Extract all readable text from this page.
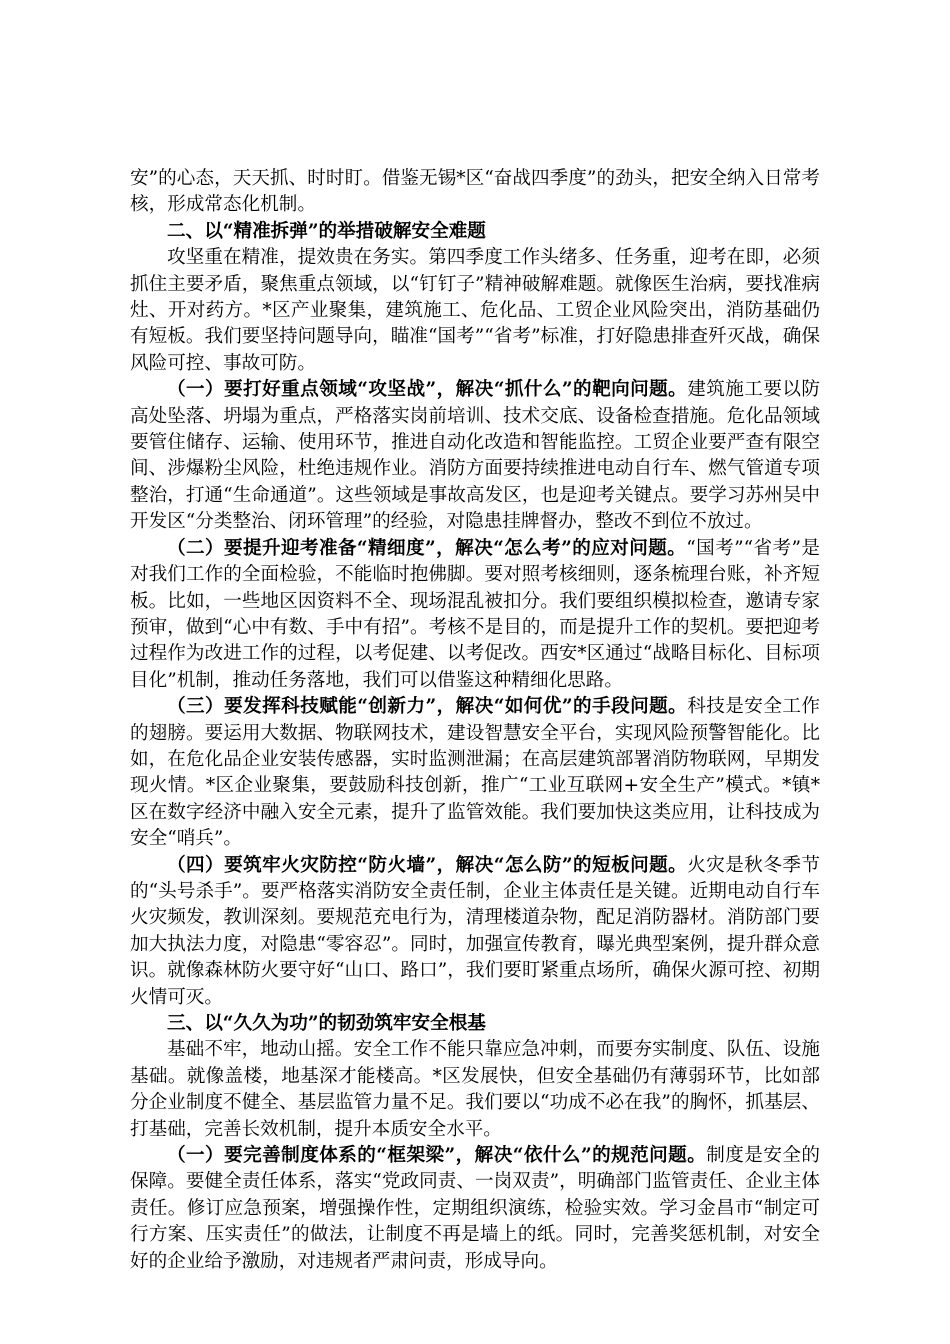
安”的心态，天天抓、时时盯。借鉴无锡*区“奋战四季度”的劲头，把安全纳入日常考核，形成常态化机制。

二、以“精准拆弹”的举措破解安全难题

攻坚重在精准，提效贵在务实。第四季度工作头绪多、任务重，迎考在即，必须抓住主要矛盾，聚焦重点领域，以“钉钉子”精神破解难题。就像医生治病，要找准病灶、开对药方。*区产业聚集，建筑施工、危化品、工贸企业风险突出，消防基础仍有短板。我们要坚持问题导向，瞄准“国考”“省考”标准，打好隐患排查歼灭战，确保风险可控、事故可防。

（一）要打好重点领域“攻坚战”，解决“抓什么”的靶向问题。建筑施工要以防高处坠落、坍塌为重点，严格落实岗前培训、技术交底、设备检查措施。危化品领域要管住储存、运输、使用环节，推进自动化改造和智能监控。工贸企业要严查有限空间、涉爆粉尘风险，杜绝违规作业。消防方面要持续推进电动自行车、燃气管道专项整治，打通“生命通道”。这些领域是事故高发区，也是迎考关键点。要学习苏州吴中开发区“分类整治、闭环管理”的经验，对隐患挂牌督办，整改不到位不放过。

（二）要提升迎考准备“精细度”，解决“怎么考”的应对问题。“国考”“省考”是对我们工作的全面检验，不能临时抱佛脚。要对照考核细则，逐条梳理台账，补齐短板。比如，一些地区因资料不全、现场混乱被扣分。我们要组织模拟检查，邀请专家预审，做到“心中有数、手中有招”。考核不是目的，而是提升工作的契机。要把迎考过程作为改进工作的过程，以考促建、以考促改。西安*区通过“战略目标化、目标项目化”机制，推动任务落地，我们可以借鉴这种精细化思路。

（三）要发挥科技赋能“创新力”，解决“如何优”的手段问题。科技是安全工作的翅膀。要运用大数据、物联网技术，建设智慧安全平台，实现风险预警智能化。比如，在危化品企业安装传感器，实时监测泄漏；在高层建筑部署消防物联网，早期发现火情。*区企业聚集，要鼓励科技创新，推广“工业互联网+安全生产”模式。*镇*区在数字经济中融入安全元素，提升了监管效能。我们要加快这类应用，让科技成为安全“哨兵”。

（四）要筑牢火灾防控“防火墙”，解决“怎么防”的短板问题。火灾是秋冬季节的“头号杀手”。要严格落实消防安全责任制，企业主体责任是关键。近期电动自行车火灾频发，教训深刻。要规范充电行为，清理楼道杂物，配足消防器材。消防部门要加大执法力度，对隐患“零容忍”。同时，加强宣传教育，曝光典型案例，提升群众意识。就像森林防火要守好“山口、路口”，我们要盯紧重点场所，确保火源可控、初期火情可灭。

三、以“久久为功”的韧劲筑牢安全根基

基础不牢，地动山摇。安全工作不能只靠应急冲刺，而要夯实制度、队伍、设施基础。就像盖楼，地基深才能楼高。*区发展快，但安全基础仍有薄弱环节，比如部分企业制度不健全、基层监管力量不足。我们要以“功成不必在我”的胸怀，抓基层、打基础，完善长效机制，提升本质安全水平。

（一）要完善制度体系的“框架梁”，解决“依什么”的规范问题。制度是安全的保障。要健全责任体系，落实“党政同责、一岗双责”，明确部门监管责任、企业主体责任。修订应急预案，增强操作性，定期组织演练，检验实效。学习金昌市“制定可行方案、压实责任”的做法，让制度不再是墙上的纸。同时，完善奖惩机制，对安全好的企业给予激励，对违规者严肃问责，形成导向。
